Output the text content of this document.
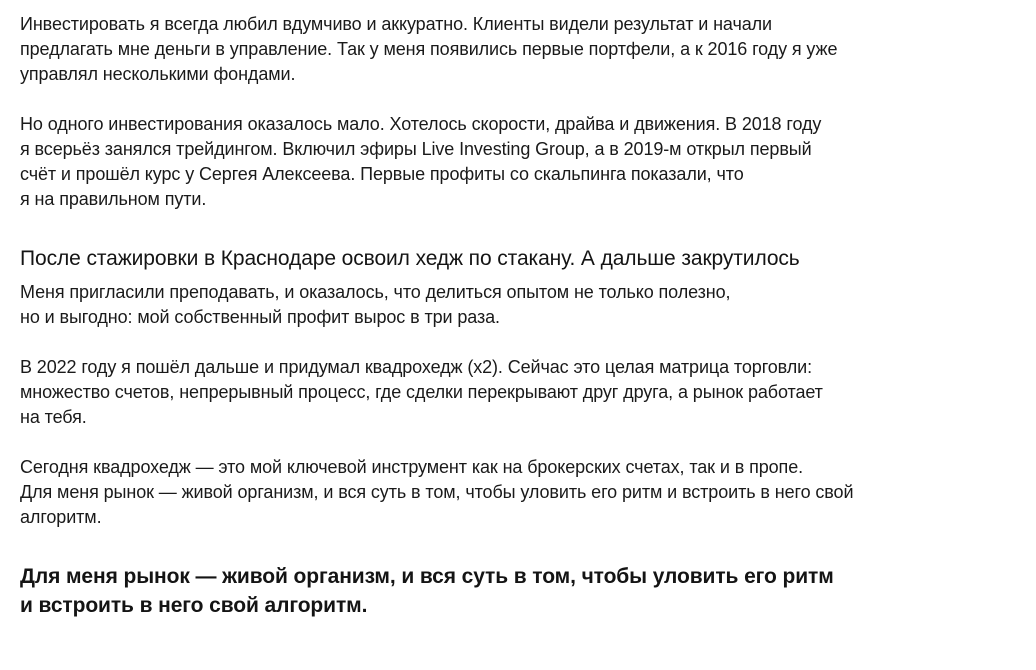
Инвестировать я всегда любил вдумчиво и аккуратно. Клиенты видели результат и начали
предлагать мне деньги в управление. Так у меня появились первые портфели, а к 2016 году я уже
управлял несколькими фондами.

Но одного инвестирования оказалось мало. Хотелось скорости, драйва и движения. В 2018 году
я всерьёз занялся трейдингом. Включил эфиры Live Investing Group, а в 2019-м открыл первый
счёт и прошёл курс у Сергея Алексеева. Первые профиты со скальпинга показали, что
я на правильном пути.

После стажировки в Краснодаре освоил хедж по стакану. А дальше закрутилось

Меня пригласили преподавать, и оказалось, что делиться опытом не только полезно,
но и выгодно: мой собственный профит вырос в три раза.

В 2022 году я пошёл дальше и придумал квадрохедж (х2). Сейчас это целая матрица торговли:
множество счетов, непрерывный процесс, где сделки перекрывают друг друга, а рынок работает
на тебя.

Сегодня квадрохедж — это мой ключевой инструмент как на брокерских счетах, так и в пропе.
Для меня рынок — живой организм, и вся суть в том, чтобы уловить его ритм и встроить в него свой
алгоритм.

Для меня рынок — живой организм, и вся суть в том, чтобы уловить его ритм
и встроить в него свой алгоритм.
